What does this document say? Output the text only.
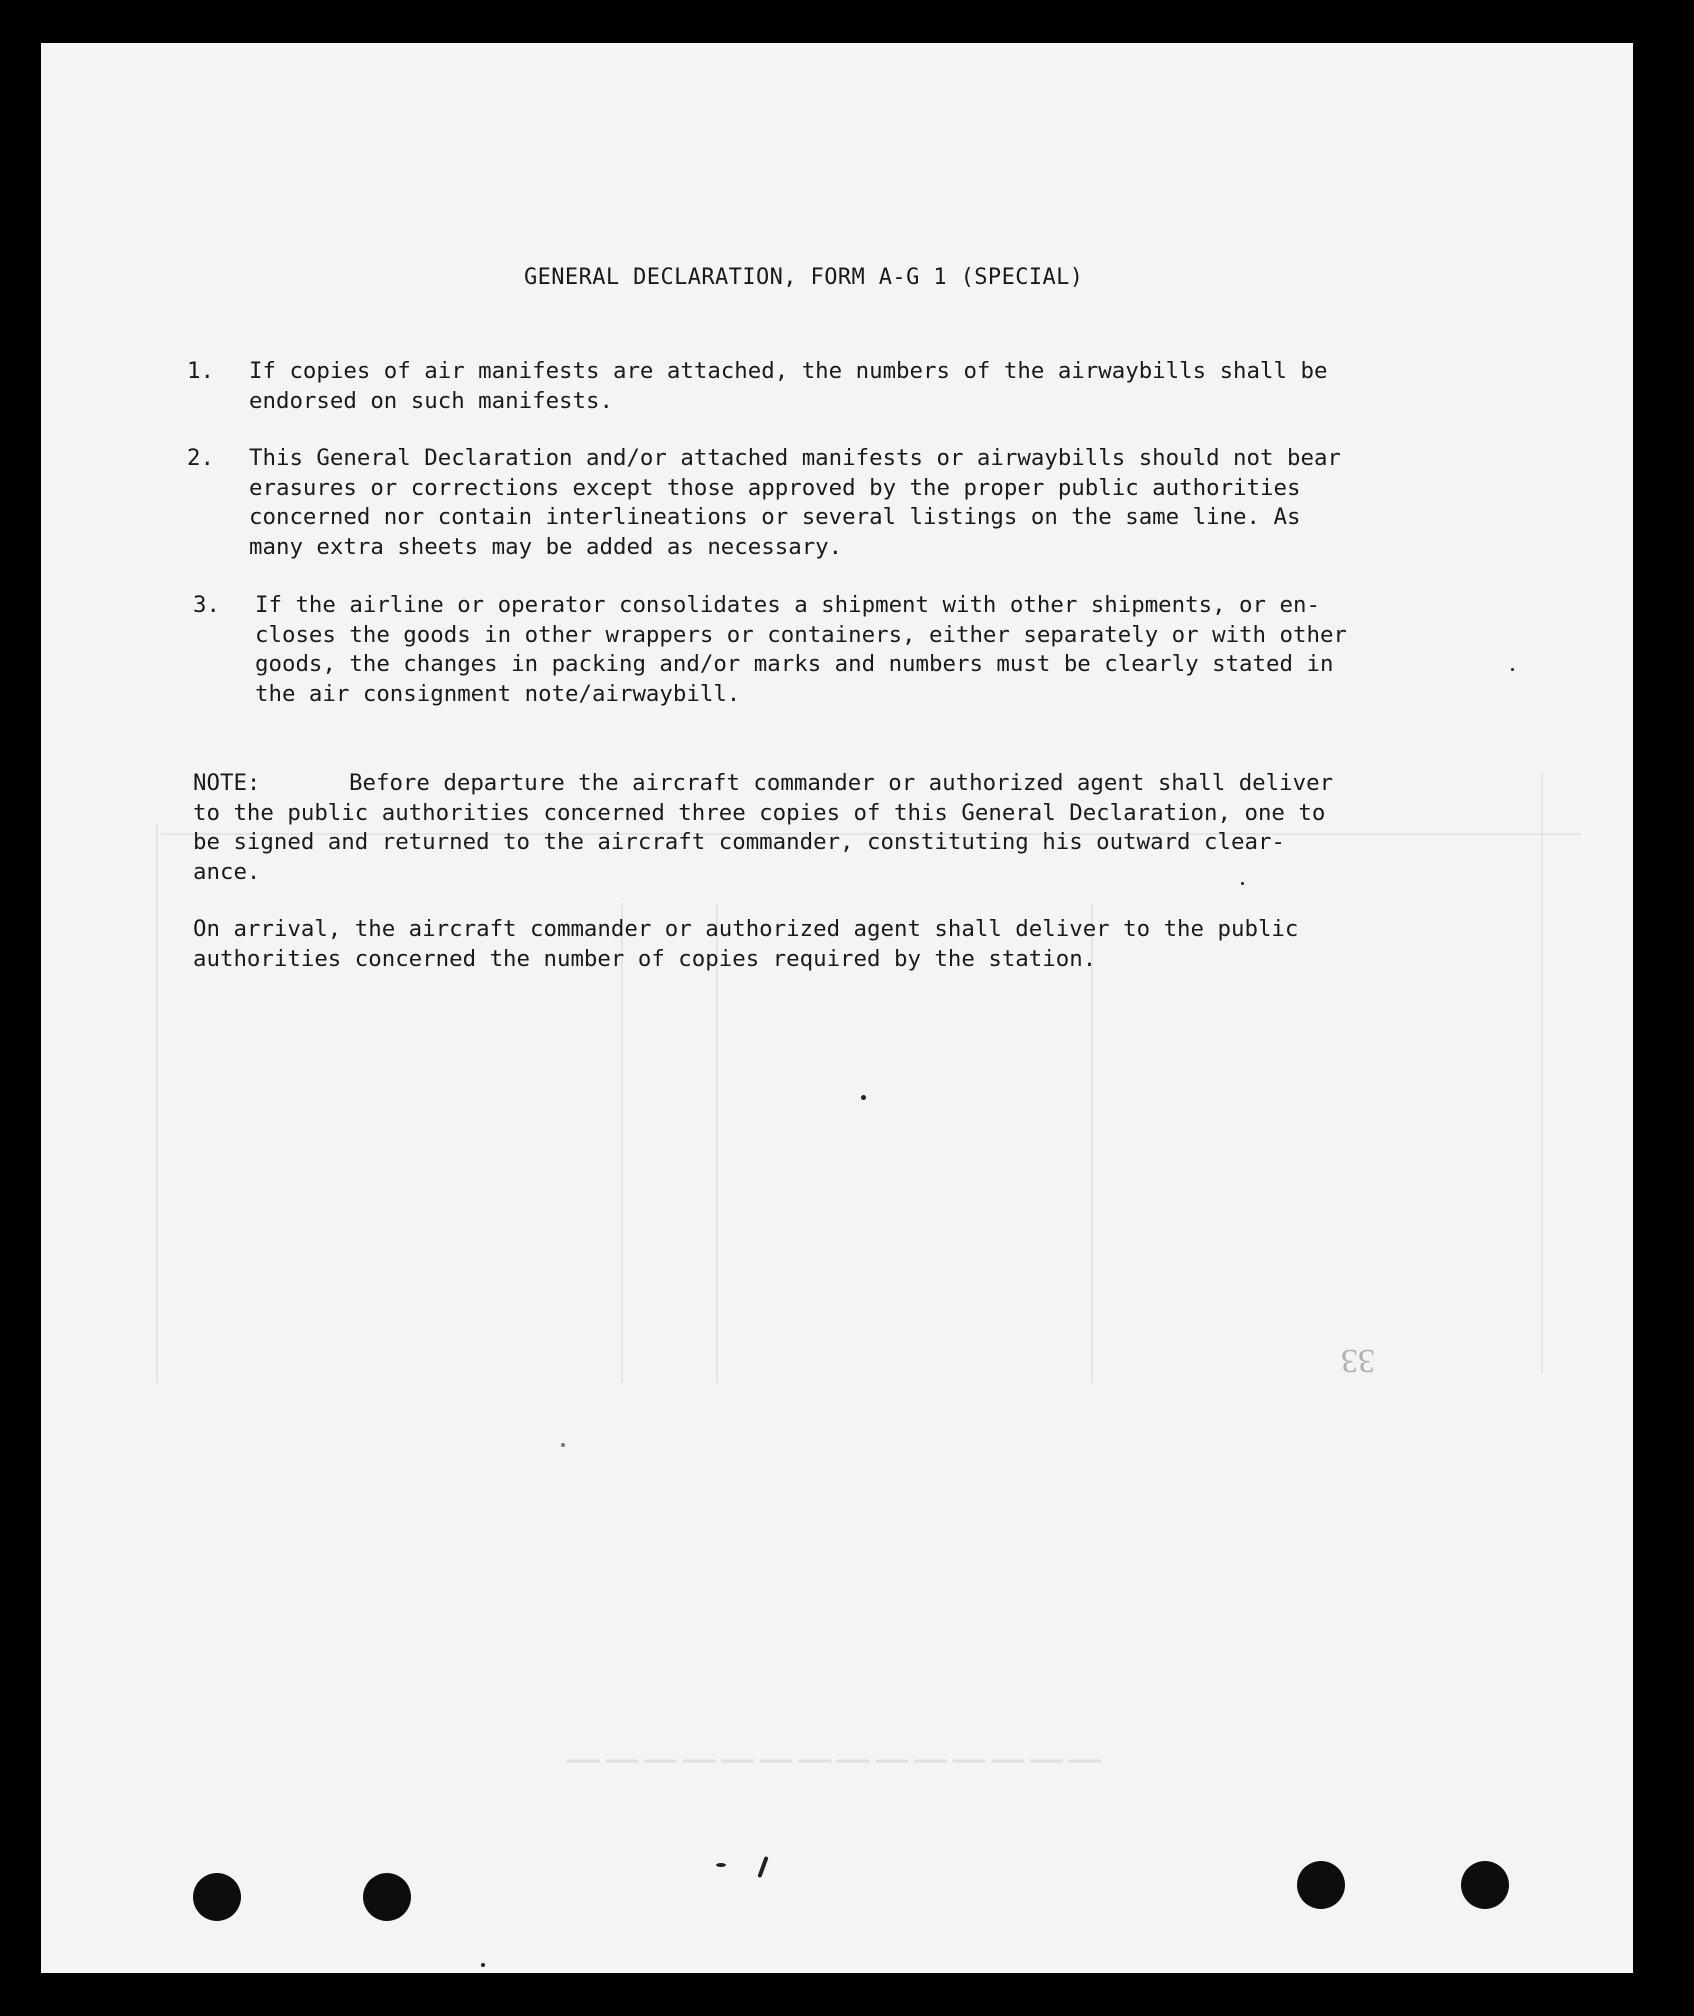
──────────────
GENERAL DECLARATION, FORM A-G 1 (SPECIAL)
1. If copies of air manifests are attached, the numbers of the airwaybills shall be
endorsed on such manifests.
2. This General Declaration and/or attached manifests or airwaybills should not bear
erasures or corrections except those approved by the proper public authorities
concerned nor contain interlineations or several listings on the same line. As
many extra sheets may be added as necessary.
3. If the airline or operator consolidates a shipment with other shipments, or en-
closes the goods in other wrappers or containers, either separately or with other
goods, the changes in packing and/or marks and numbers must be clearly stated in
the air consignment note/airwaybill.
NOTE:	Before departure the aircraft commander or authorized agent shall deliver
to the public authorities concerned three copies of this General Declaration, one to
be signed and returned to the aircraft commander, constituting his outward clear-
ance.
On arrival, the aircraft commander or authorized agent shall deliver to the public
authorities concerned the number of copies required by the station.
33
